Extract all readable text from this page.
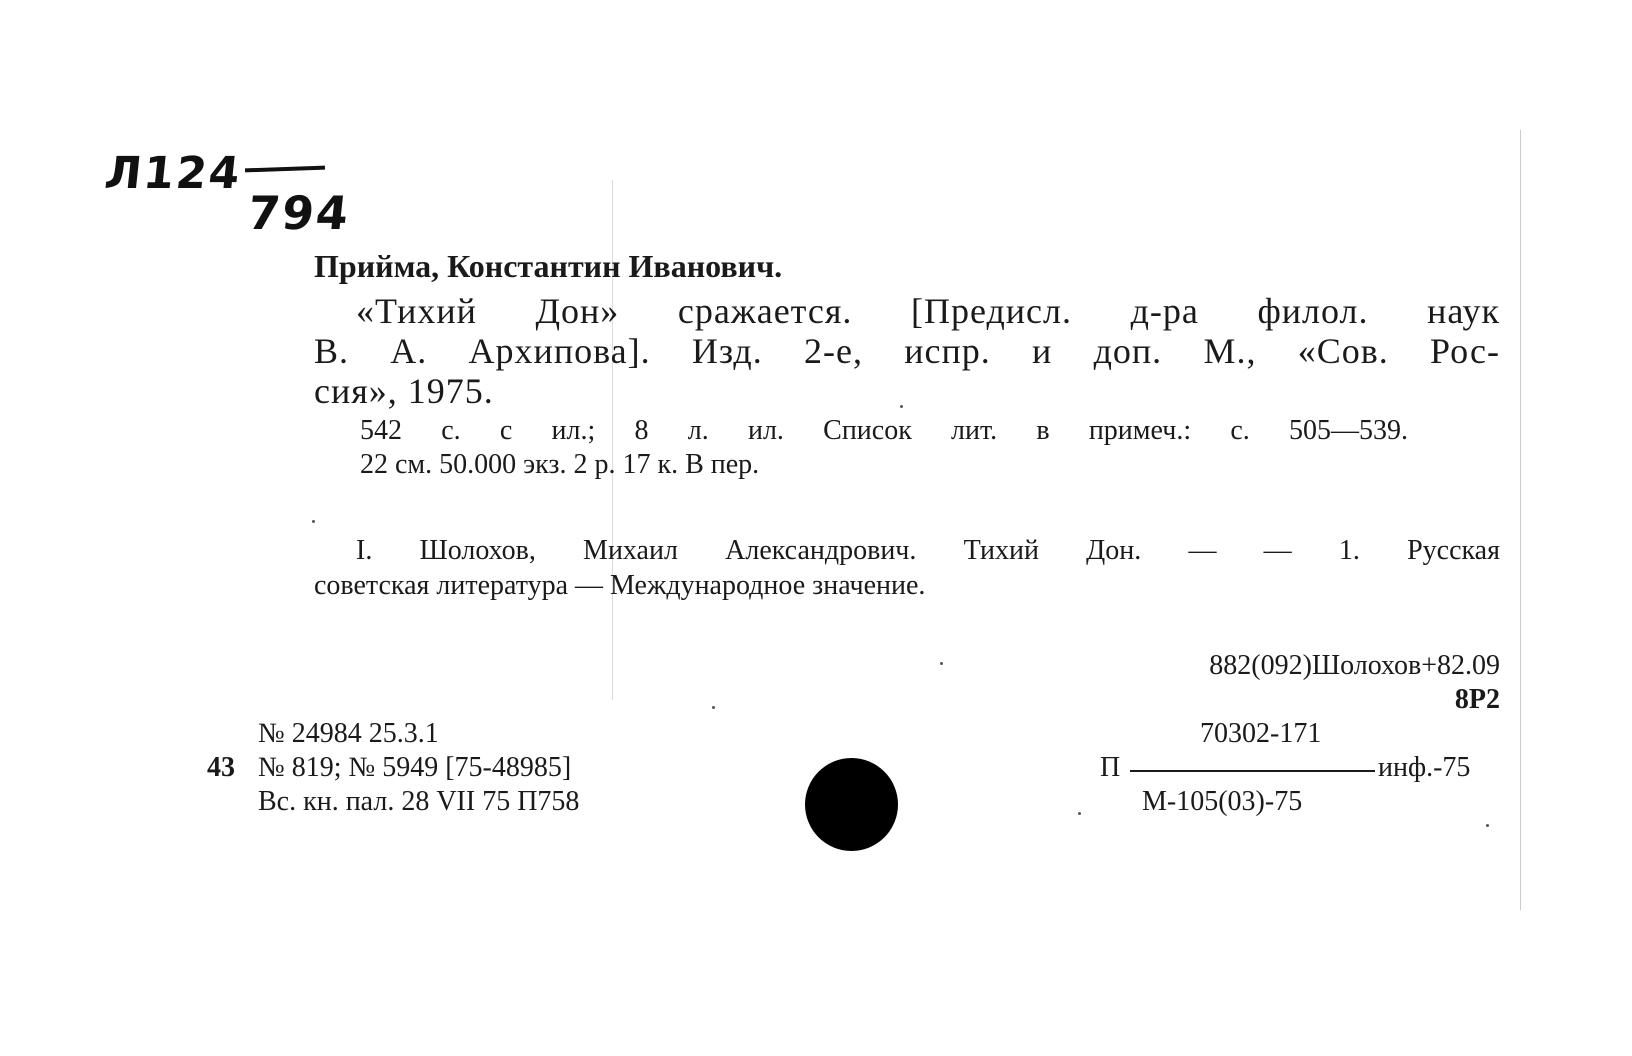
Л124
794
Прийма, Константин Иванович.
«Тихий Дон» сражается. [Предисл. д-ра филол. наук
В. А. Архипова]. Изд. 2-е, испр. и доп. М., «Сов. Рос-
сия», 1975.
542 с. с ил.; 8 л. ил. Список лит. в примеч.: с. 505—539.
22 см. 50.000 экз. 2 р. 17 к. В пер.
I. Шолохов, Михаил Александрович. Тихий Дон. — — 1. Русская
советская литература — Международное значение.
882(092)Шолохов+82.09
8Р2
70302-171
П	инф.-75
М-105(03)-75
№ 24984 25.3.1
43 № 819; № 5949 [75-48985]
Вс. кн. пал. 28 VII 75 П758
